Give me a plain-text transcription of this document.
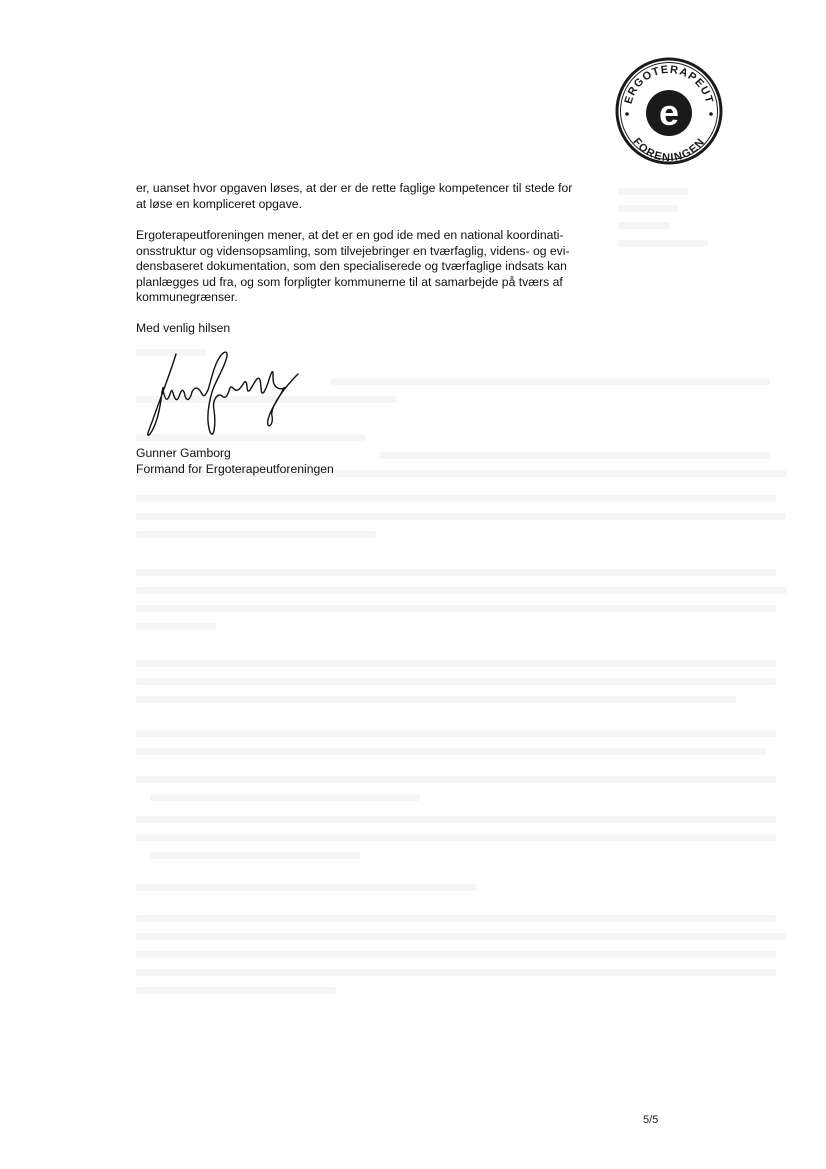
ERGOTERAPEUT
FORENINGEN
e

er, uanset hvor opgaven løses, at der er de rette faglige kompetencer til stede for
at løse en kompliceret opgave.

Ergoterapeutforeningen mener, at det er en god ide med en national koordinati-
onsstruktur og vidensopsamling, som tilvejebringer en tværfaglig, videns- og evi-
densbaseret dokumentation, som den specialiserede og tværfaglige indsats kan
planlægges ud fra, og som forpligter kommunerne til at samarbejde på tværs af
kommunegrænser.

Med venlig hilsen

Gunner Gamborg
Formand for Ergoterapeutforeningen

5/5
